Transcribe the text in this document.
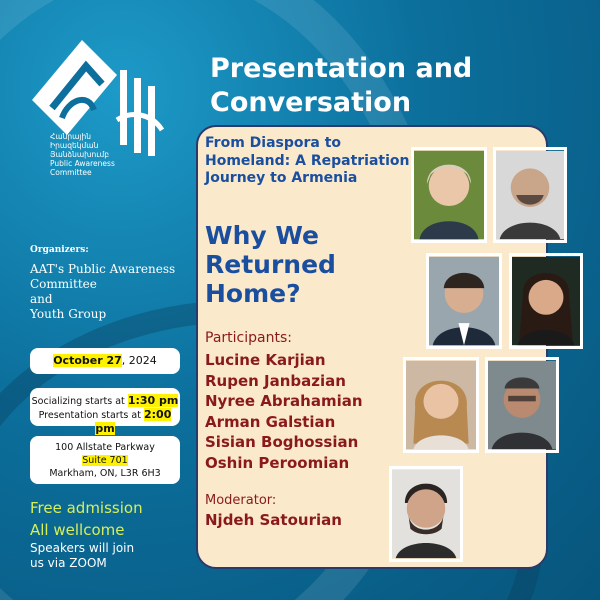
Հանրային
Իրազեկման
Յանձնախումբ
Public Awareness
Committee
Presentation and
Conversation
From Diaspora to Homeland: A Repatriation Journey to Armenia
Why We Returned Home?
Participants:
Lucine Karjian
Rupen Janbazian
Nyree Abrahamian
Arman Galstian
Sisian Boghossian
Oshin Peroomian
Moderator:
Njdeh Satourian
Organizers:
AAT's Public Awareness
Committee
and
Youth Group
October 27, 2024
Socializing starts at 1:30 pm
Presentation starts at 2:00 pm
100 Allstate Parkway
Suite 701
Markham, ON, L3R 6H3
Free admission
All wellcome
Speakers will join
us via ZOOM
